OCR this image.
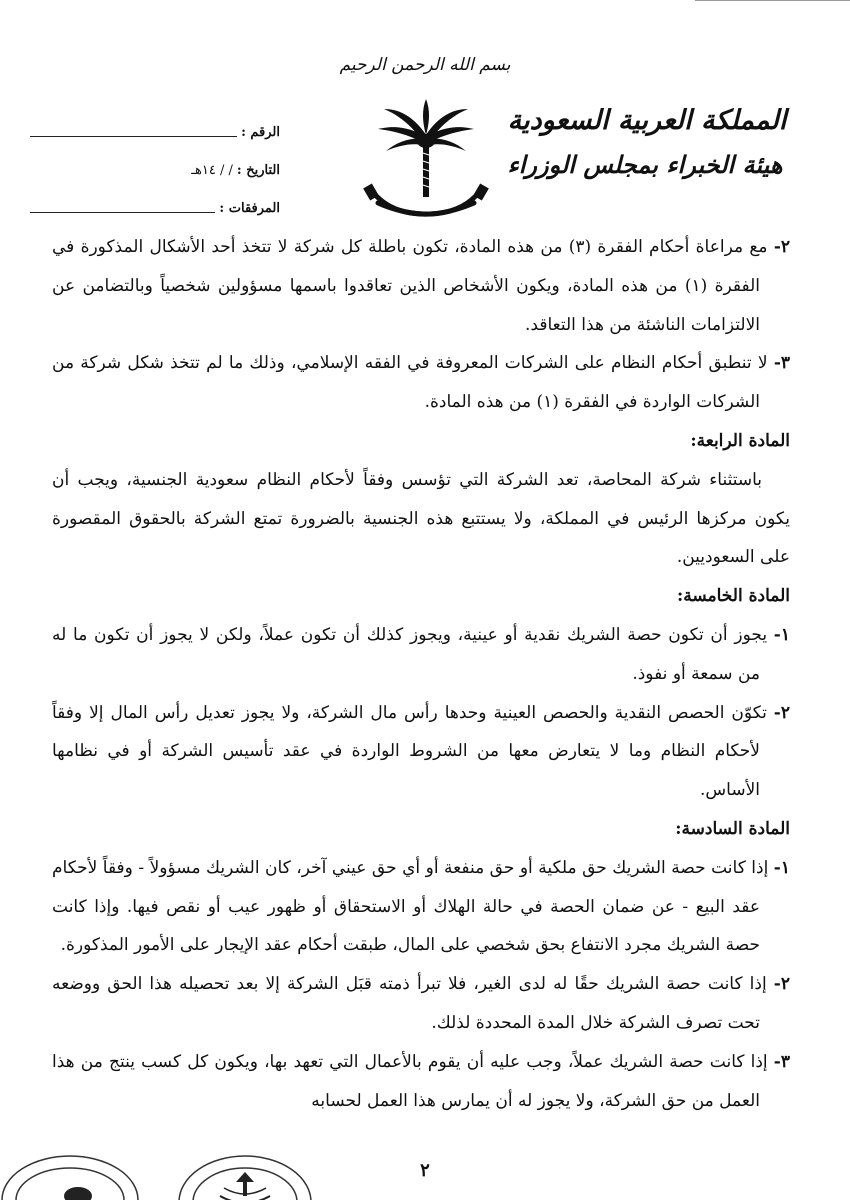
بسم الله الرحمن الرحيم
المملكة العربية السعودية
هيئة الخبراء بمجلس الوزراء
الرقم :
التاريخ :
/ / ١٤هـ
المرفقات :

٢- مع مراعاة أحكام الفقرة (٣) من هذه المادة، تكون باطلة كل شركة لا تتخذ أحد الأشكال المذكورة في الفقرة (١) من هذه المادة، ويكون الأشخاص الذين تعاقدوا باسمها مسؤولين شخصياً وبالتضامن عن الالتزامات الناشئة من هذا التعاقد.

٣- لا تنطبق أحكام النظام على الشركات المعروفة في الفقه الإسلامي، وذلك ما لم تتخذ شكل شركة من الشركات الواردة في الفقرة (١) من هذه المادة.

المادة الرابعة:

باستثناء شركة المحاصة، تعد الشركة التي تؤسس وفقاً لأحكام النظام سعودية الجنسية، ويجب أن يكون مركزها الرئيس في المملكة، ولا يستتبع هذه الجنسية بالضرورة تمتع الشركة بالحقوق المقصورة على السعوديين.

المادة الخامسة:

١- يجوز أن تكون حصة الشريك نقدية أو عينية، ويجوز كذلك أن تكون عملاً، ولكن لا يجوز أن تكون ما له من سمعة أو نفوذ.

٢- تكوّن الحصص النقدية والحصص العينية وحدها رأس مال الشركة، ولا يجوز تعديل رأس المال إلا وفقاً لأحكام النظام وما لا يتعارض معها من الشروط الواردة في عقد تأسيس الشركة أو في نظامها الأساس.

المادة السادسة:

١- إذا كانت حصة الشريك حق ملكية أو حق منفعة أو أي حق عيني آخر، كان الشريك مسؤولاً - وفقاً لأحكام عقد البيع - عن ضمان الحصة في حالة الهلاك أو الاستحقاق أو ظهور عيب أو نقص فيها. وإذا كانت حصة الشريك مجرد الانتفاع بحق شخصي على المال، طبقت أحكام عقد الإيجار على الأمور المذكورة.

٢- إذا كانت حصة الشريك حقًا له لدى الغير، فلا تبرأ ذمته قبَل الشركة إلا بعد تحصيله هذا الحق ووضعه تحت تصرف الشركة خلال المدة المحددة لذلك.

٣- إذا كانت حصة الشريك عملاً، وجب عليه أن يقوم بالأعمال التي تعهد بها، ويكون كل كسب ينتج من هذا العمل من حق الشركة، ولا يجوز له أن يمارس هذا العمل لحسابه

٢
